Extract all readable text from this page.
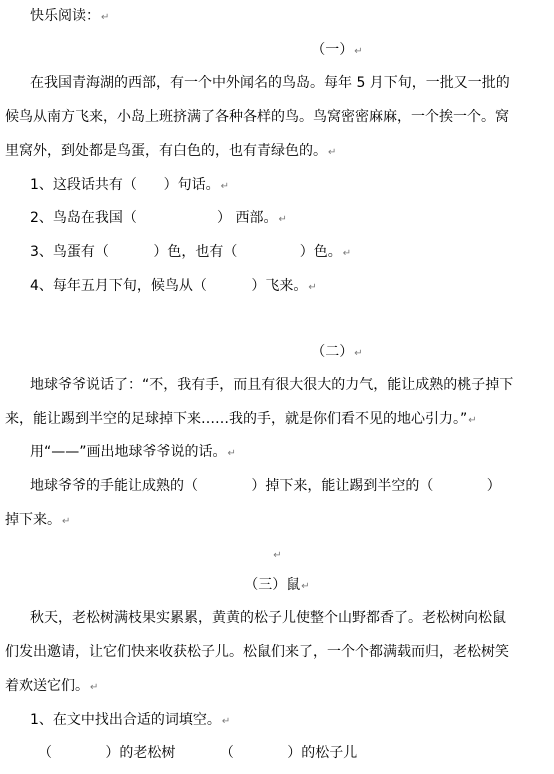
快乐阅读：↵
（一）↵
在我国青海湖的西部，有一个中外闻名的鸟岛。每年 5 月下旬，一批又一批的
候鸟从南方飞来，小岛上班挤满了各种各样的鸟。鸟窝密密麻麻，一个挨一个。窝
里窝外，到处都是鸟蛋，有白色的，也有青绿色的。↵
1、这段话共有（      ）句话。↵
2、鸟岛在我国（                  ） 西部。↵
3、鸟蛋有（          ）色，也有（              ）色。↵
4、每年五月下旬，候鸟从（          ）飞来。↵
（二）↵
地球爷爷说话了：“不，我有手，而且有很大很大的力气，能让成熟的桃子掉下
来，能让踢到半空的足球掉下来……我的手，就是你们看不见的地心引力。”↵
用“——”画出地球爷爷说的话。↵
地球爷爷的手能让成熟的（            ）掉下来，能让踢到半空的（            ）
掉下来。↵
↵
（三）鼠↵
秋天，老松树满枝果实累累，黄黄的松子儿使整个山野都香了。老松树向松鼠
们发出邀请，让它们快来收获松子儿。松鼠们来了，一个个都满载而归，老松树笑
着欢送它们。↵
1、在文中找出合适的词填空。↵
（            ）的老松树          （            ）的松子儿
